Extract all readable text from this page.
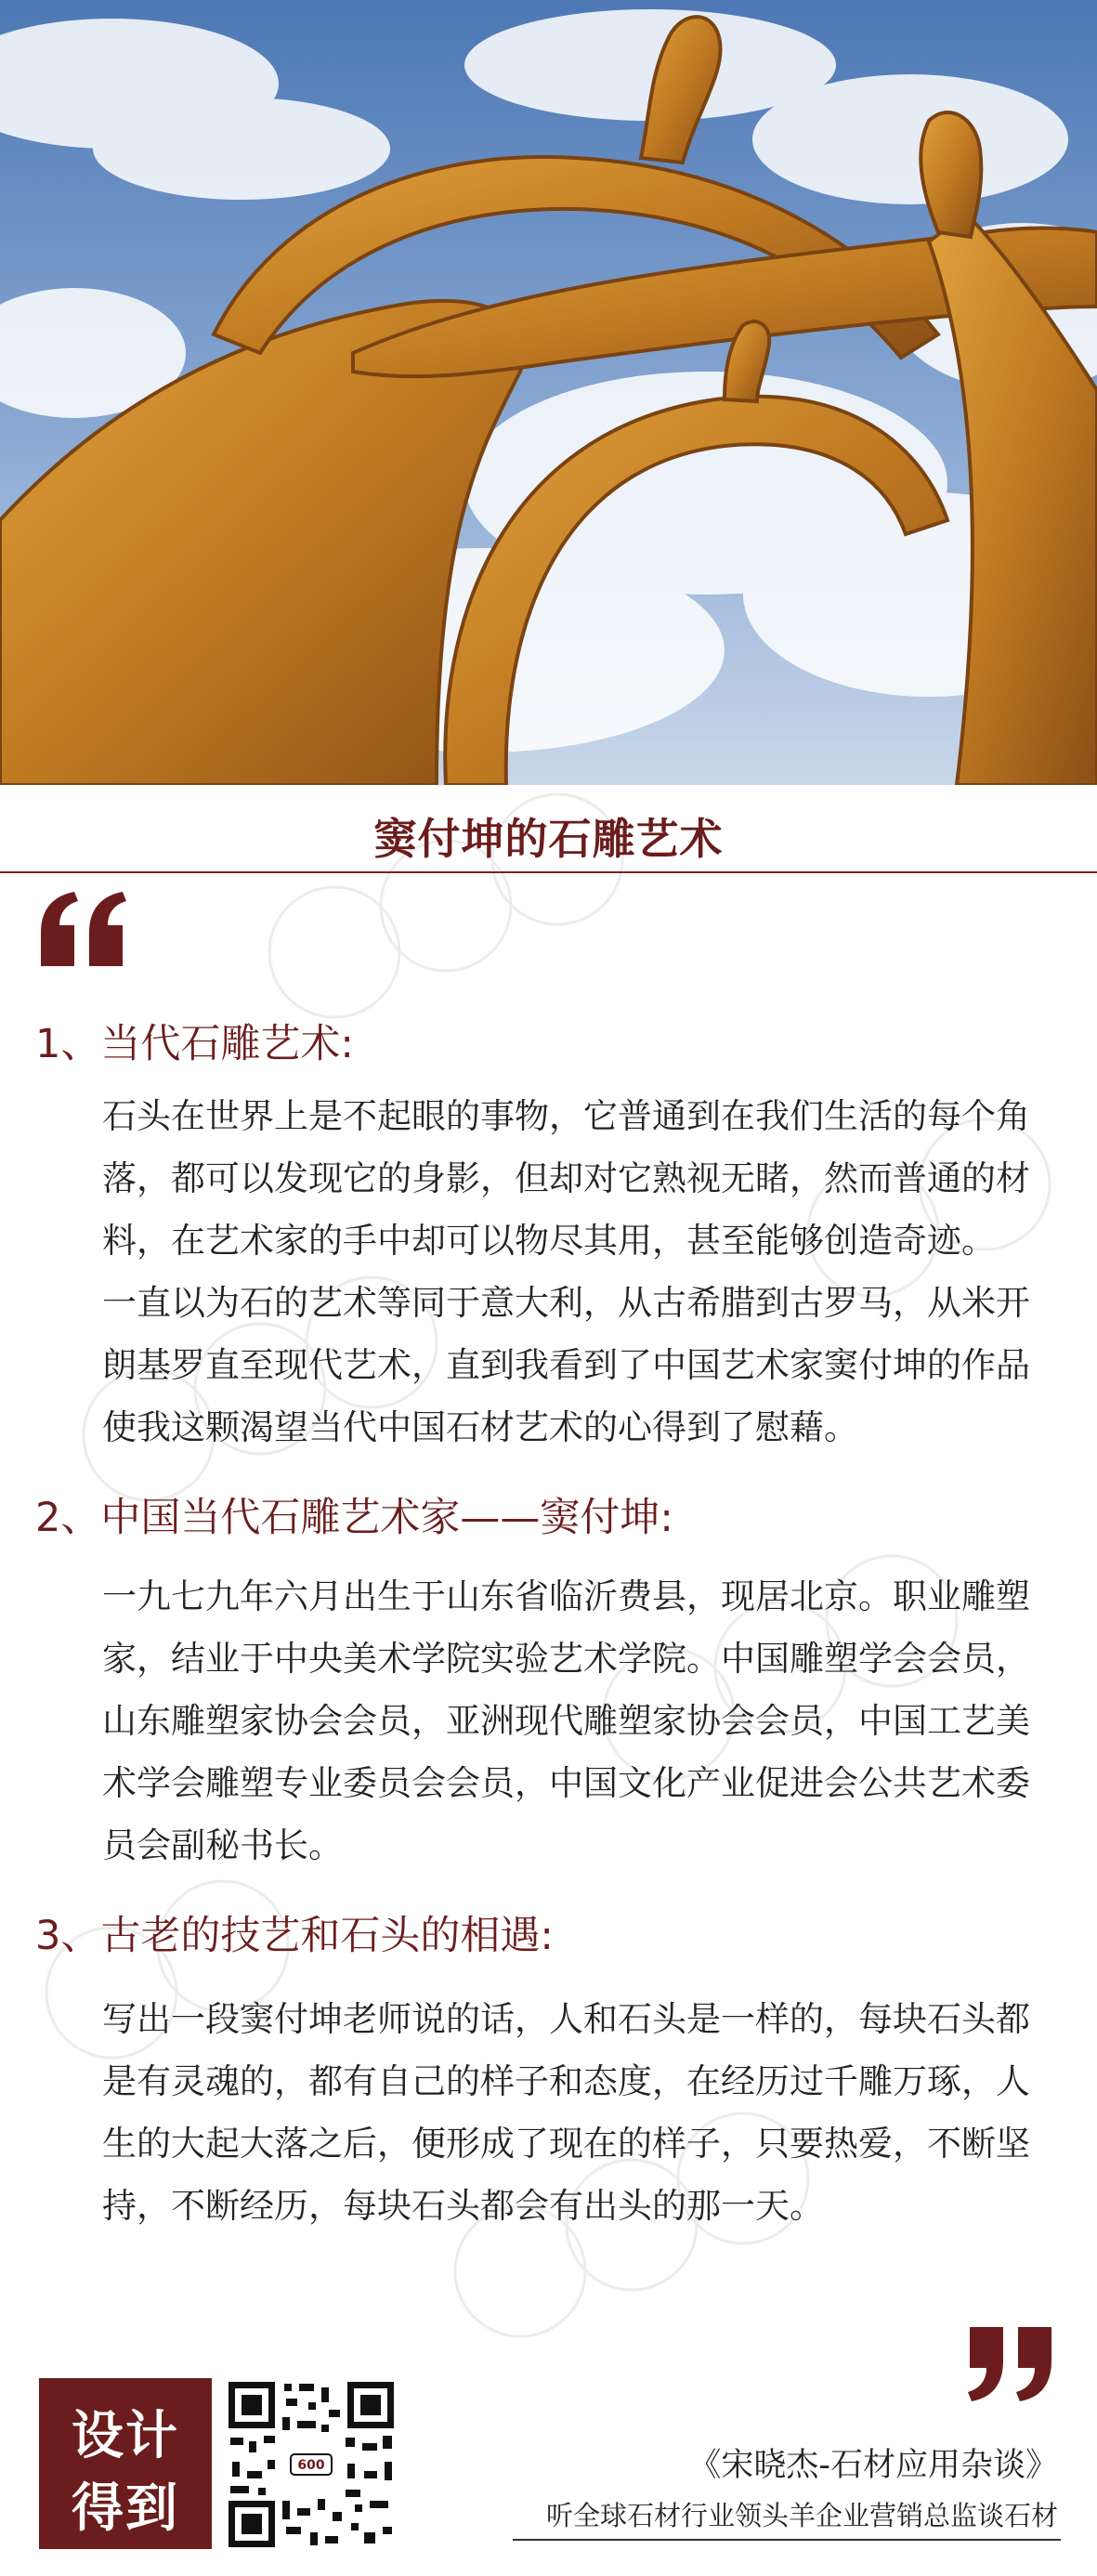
窦付坤的石雕艺术
1、当代石雕艺术:
石头在世界上是不起眼的事物，它普通到在我们生活的每个角
落，都可以发现它的身影，但却对它熟视无睹，然而普通的材
料，在艺术家的手中却可以物尽其用，甚至能够创造奇迹。
一直以为石的艺术等同于意大利，从古希腊到古罗马，从米开
朗基罗直至现代艺术，直到我看到了中国艺术家窦付坤的作品
使我这颗渴望当代中国石材艺术的心得到了慰藉。
2、中国当代石雕艺术家——窦付坤:
一九七九年六月出生于山东省临沂费县，现居北京。职业雕塑
家，结业于中央美术学院实验艺术学院。中国雕塑学会会员，
山东雕塑家协会会员，亚洲现代雕塑家协会会员，中国工艺美
术学会雕塑专业委员会会员，中国文化产业促进会公共艺术委
员会副秘书长。
3、古老的技艺和石头的相遇:
写出一段窦付坤老师说的话，人和石头是一样的，每块石头都
是有灵魂的，都有自己的样子和态度，在经历过千雕万琢，人
生的大起大落之后，便形成了现在的样子，只要热爱，不断坚
持，不断经历，每块石头都会有出头的那一天。
设计
得到
600	《宋晓杰-石材应用杂谈》
听全球石材行业领头羊企业营销总监谈石材
